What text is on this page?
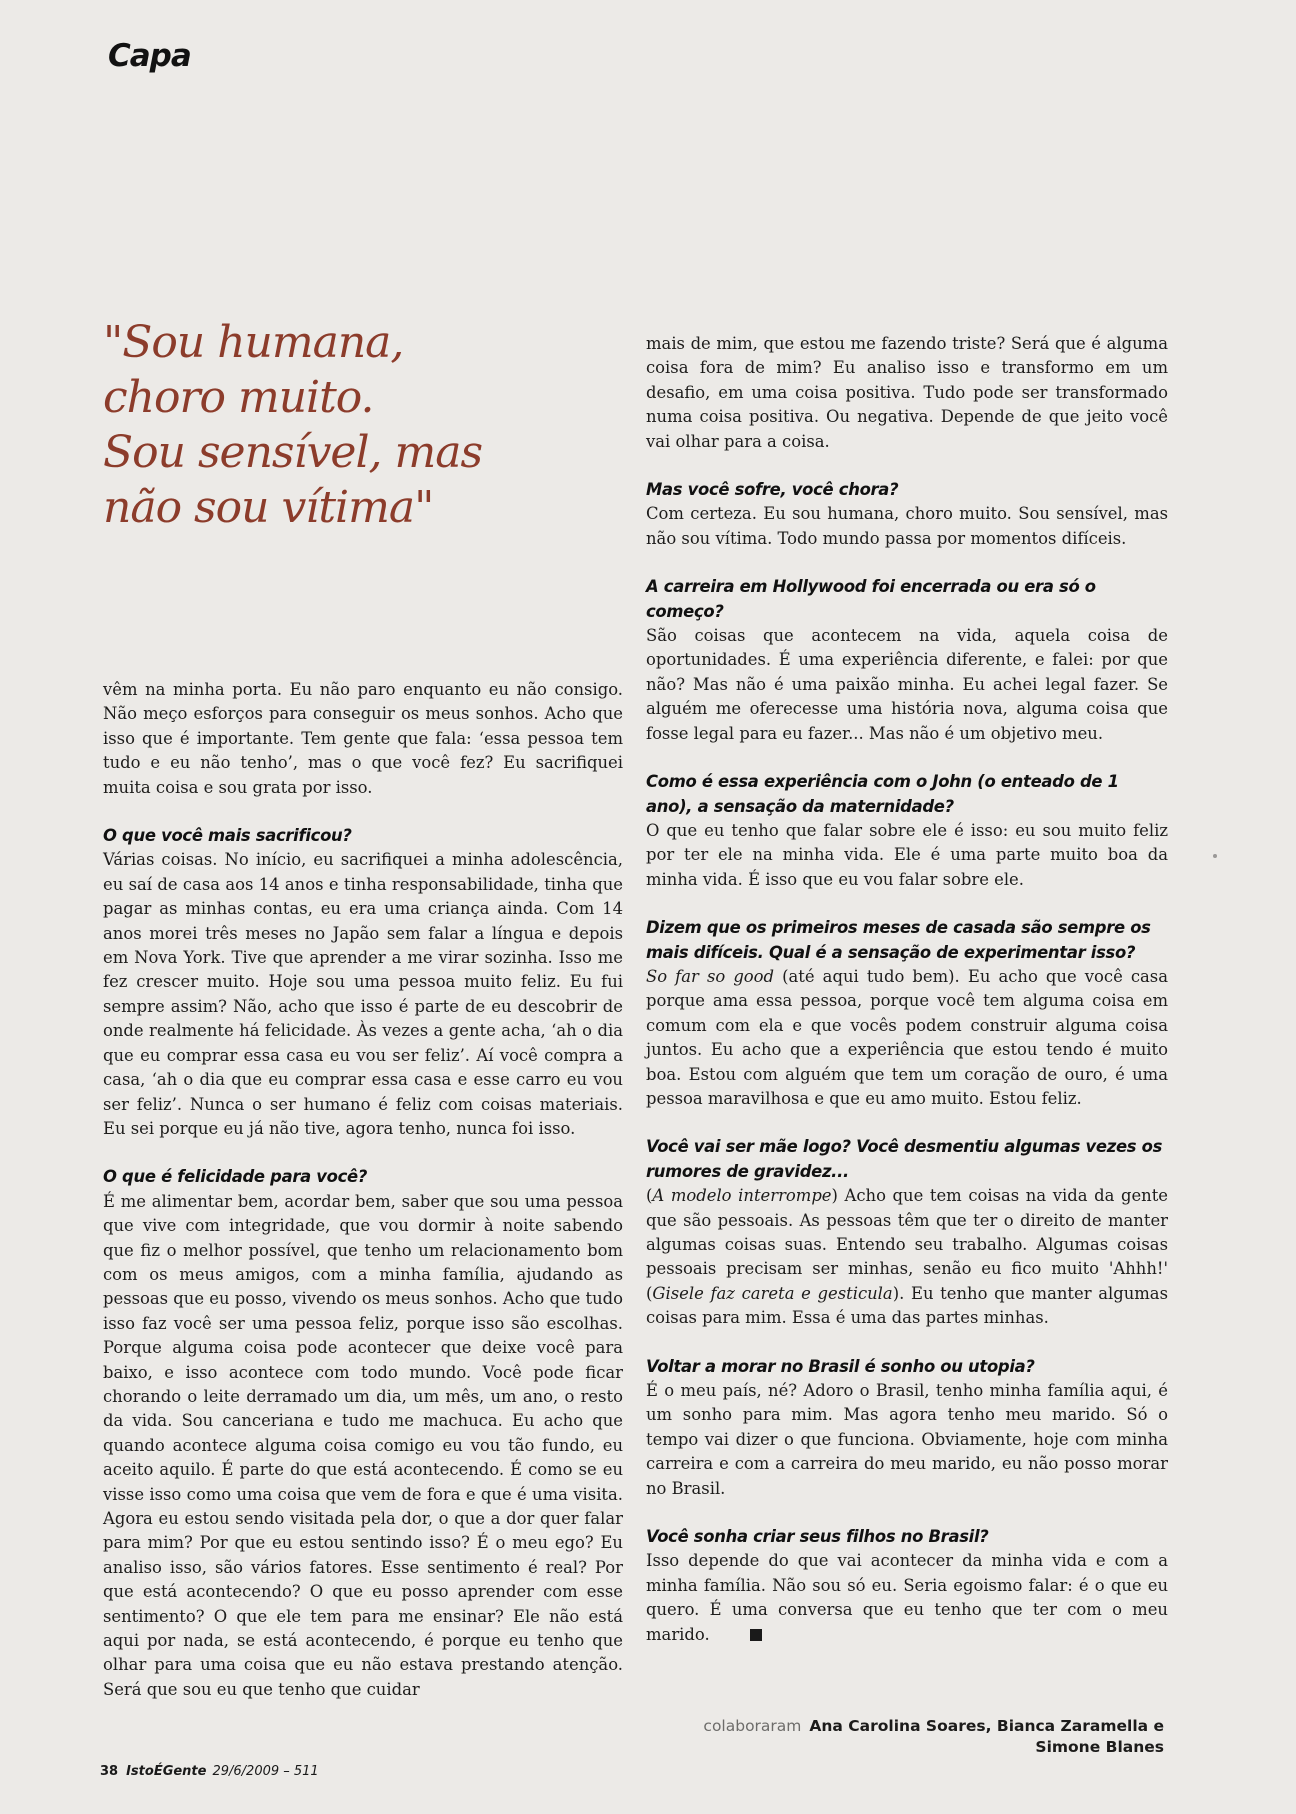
Capa
"Sou humana,
choro muito.
Sou sensível, mas
não sou vítima"

vêm na minha porta. Eu não paro enquanto eu não consigo. Não meço esforços para conseguir os meus sonhos. Acho que isso que é importante. Tem gente que fala: ‘essa pessoa tem tudo e eu não tenho’, mas o que você fez? Eu sacrifiquei muita coisa e sou grata por isso.

O que você mais sacrificou?

Várias coisas. No início, eu sacrifiquei a minha adolescência, eu saí de casa aos 14 anos e tinha responsabilidade, tinha que pagar as minhas contas, eu era uma criança ainda. Com 14 anos morei três meses no Japão sem falar a língua e depois em Nova York. Tive que aprender a me virar sozinha. Isso me fez crescer muito. Hoje sou uma pessoa muito feliz. Eu fui sempre assim? Não, acho que isso é parte de eu descobrir de onde realmente há felicidade. Às vezes a gente acha, ‘ah o dia que eu comprar essa casa eu vou ser feliz’. Aí você compra a casa, ‘ah o dia que eu comprar essa casa e esse carro eu vou ser feliz’. Nunca o ser humano é feliz com coisas materiais. Eu sei porque eu já não tive, agora tenho, nunca foi isso.

O que é felicidade para você?

É me alimentar bem, acordar bem, saber que sou uma pessoa que vive com integridade, que vou dormir à noite sabendo que fiz o melhor possível, que tenho um relacionamento bom com os meus amigos, com a minha família, ajudando as pessoas que eu posso, vivendo os meus sonhos. Acho que tudo isso faz você ser uma pessoa feliz, porque isso são escolhas. Porque alguma coisa pode acontecer que deixe você para baixo, e isso acontece com todo mundo. Você pode ficar chorando o leite derramado um dia, um mês, um ano, o resto da vida. Sou canceriana e tudo me machuca. Eu acho que quando acontece alguma coisa comigo eu vou tão fundo, eu aceito aquilo. É parte do que está acontecendo. É como se eu visse isso como uma coisa que vem de fora e que é uma visita. Agora eu estou sendo visitada pela dor, o que a dor quer falar para mim? Por que eu estou sentindo isso? É o meu ego? Eu analiso isso, são vários fatores. Esse sentimento é real? Por que está acontecendo? O que eu posso aprender com esse sentimento? O que ele tem para me ensinar? Ele não está aqui por nada, se está acontecendo, é porque eu tenho que olhar para uma coisa que eu não estava prestando atenção. Será que sou eu que tenho que cuidar

mais de mim, que estou me fazendo triste? Será que é alguma coisa fora de mim? Eu analiso isso e transformo em um desafio, em uma coisa positiva. Tudo pode ser transformado numa coisa positiva. Ou negativa. Depende de que jeito você vai olhar para a coisa.

Mas você sofre, você chora?

Com certeza. Eu sou humana, choro muito. Sou sensível, mas não sou vítima. Todo mundo passa por momentos difíceis.

A carreira em Hollywood foi encerrada ou era só o começo?

São coisas que acontecem na vida, aquela coisa de oportunidades. É uma experiência diferente, e falei: por que não? Mas não é uma paixão minha. Eu achei legal fazer. Se alguém me oferecesse uma história nova, alguma coisa que fosse legal para eu fazer... Mas não é um objetivo meu.

Como é essa experiência com o John (o enteado de 1 ano), a sensação da maternidade?

O que eu tenho que falar sobre ele é isso: eu sou muito feliz por ter ele na minha vida. Ele é uma parte muito boa da minha vida. É isso que eu vou falar sobre ele.

Dizem que os primeiros meses de casada são sempre os mais difíceis. Qual é a sensação de experimentar isso?

So far so good (até aqui tudo bem). Eu acho que você casa porque ama essa pessoa, porque você tem alguma coisa em comum com ela e que vocês podem construir alguma coisa juntos. Eu acho que a experiência que estou tendo é muito boa. Estou com alguém que tem um coração de ouro, é uma pessoa maravilhosa e que eu amo muito. Estou feliz.

Você vai ser mãe logo? Você desmentiu algumas vezes os rumores de gravidez...

(A modelo interrompe) Acho que tem coisas na vida da gente que são pessoais. As pessoas têm que ter o direito de manter algumas coisas suas. Entendo seu trabalho. Algumas coisas pessoais precisam ser minhas, senão eu fico muito 'Ahhh!' (Gisele faz careta e gesticula). Eu tenho que manter algumas coisas para mim. Essa é uma das partes minhas.

Voltar a morar no Brasil é sonho ou utopia?

É o meu país, né? Adoro o Brasil, tenho minha família aqui, é um sonho para mim. Mas agora tenho meu marido. Só o tempo vai dizer o que funciona. Obviamente, hoje com minha carreira e com a carreira do meu marido, eu não posso morar no Brasil.

Você sonha criar seus filhos no Brasil?

Isso depende do que vai acontecer da minha vida e com a minha família. Não sou só eu. Seria egoismo falar: é o que eu quero. É uma conversa que eu tenho que ter com o meu marido.

colaboraram Ana Carolina Soares, Bianca Zaramella e
Simone Blanes
38 IstoÉGente 29/6/2009 – 511
